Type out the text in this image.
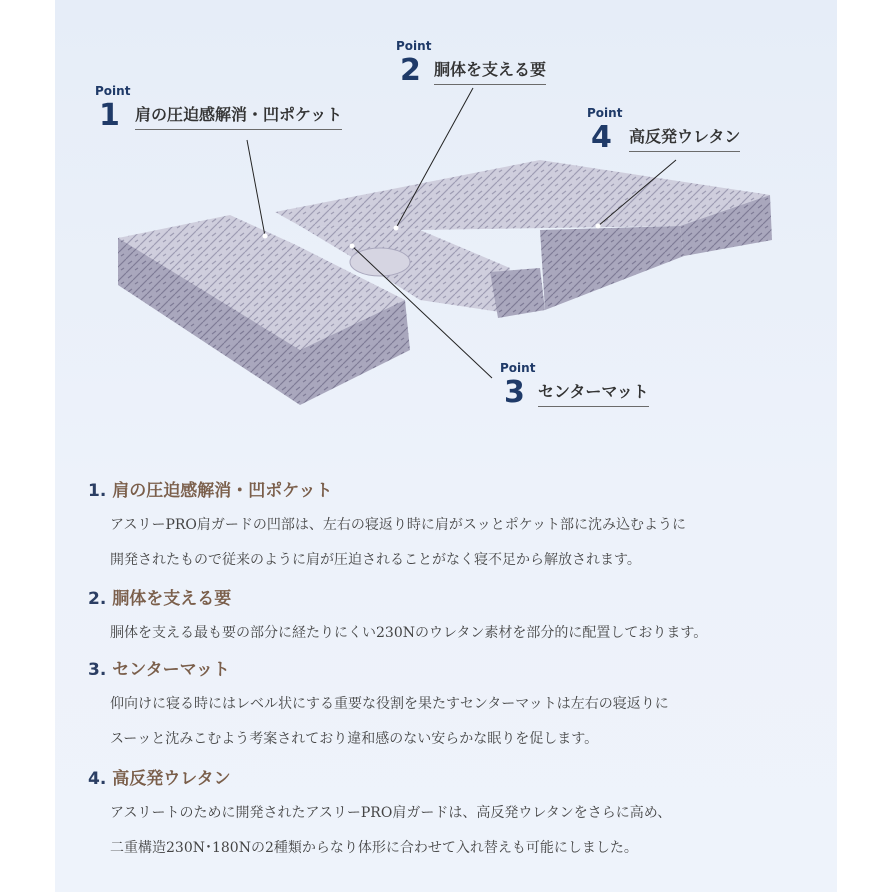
Point
1 肩の圧迫感解消・凹ポケット
Point
2 胴体を支える要
Point
3 センターマット
Point
4 高反発ウレタン
1. 肩の圧迫感解消・凹ポケット
アスリーPRO肩ガードの凹部は、左右の寝返り時に肩がスッとポケット部に沈み込むように
開発されたもので従来のように肩が圧迫されることがなく寝不足から解放されます。
2. 胴体を支える要
胴体を支える最も要の部分に経たりにくい230Nのウレタン素材を部分的に配置しております。
3. センターマット
仰向けに寝る時にはレベル状にする重要な役割を果たすセンターマットは左右の寝返りに
スーッと沈みこむよう考案されており違和感のない安らかな眠りを促します。
4. 高反発ウレタン
アスリートのために開発されたアスリーPRO肩ガードは、高反発ウレタンをさらに高め、
二重構造230N･180Nの2種類からなり体形に合わせて入れ替えも可能にしました。
